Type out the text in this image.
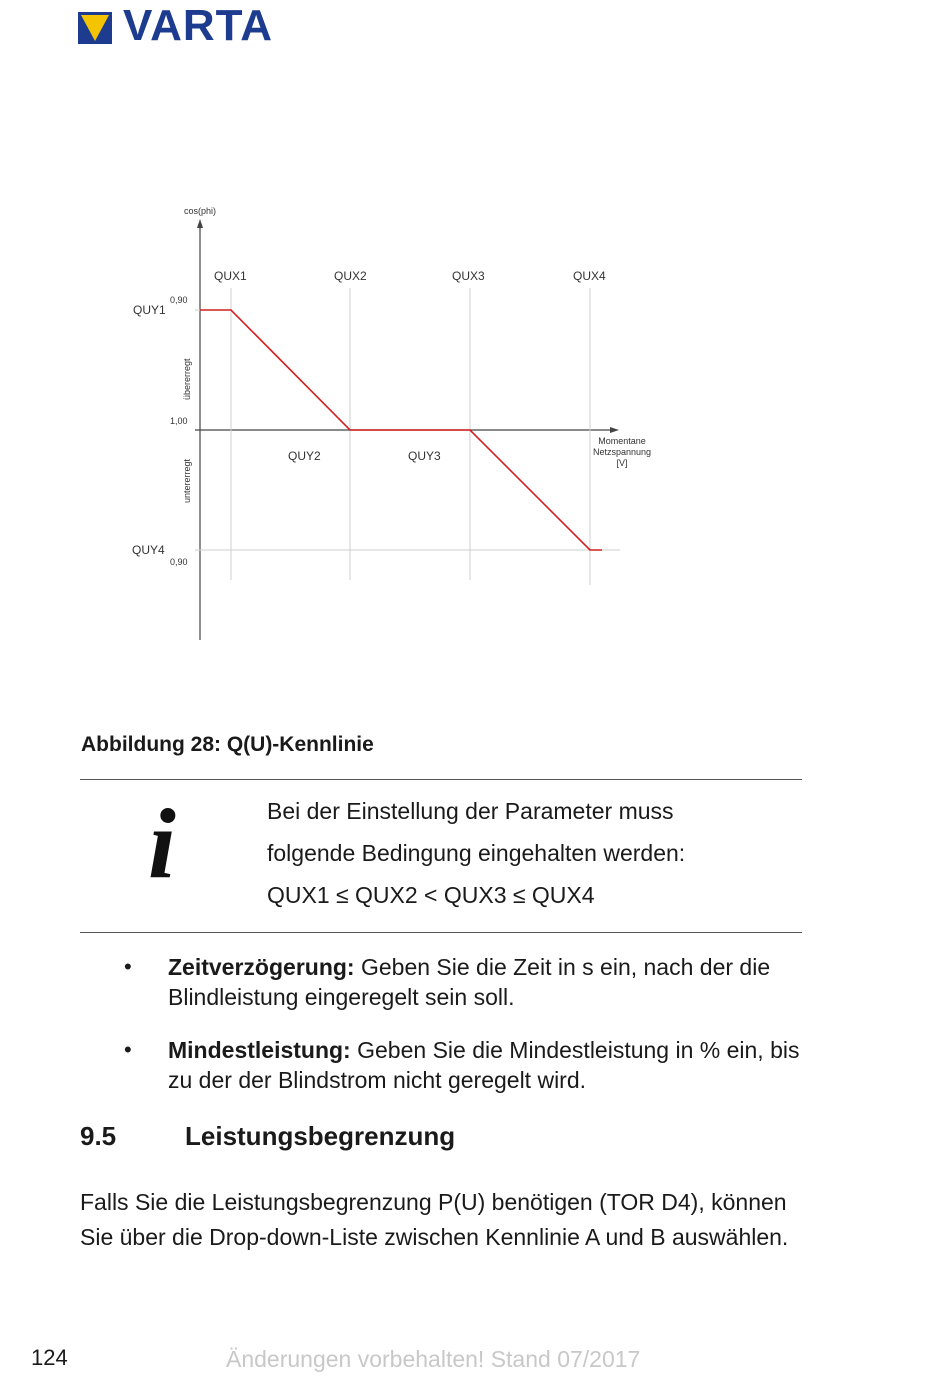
VARTA
cos(phi)
QUX1	QUX2	QUX3	QUX4
QUY1
0,90
1,00
0,90
QUY4
QUY2	QUY3
übererregt
untererregt
Momentane
Netzspannung
[V]
Abbildung 28: Q(U)-Kennlinie
i	Bei der Einstellung der Parameter muss
folgende Bedingung eingehalten werden:
QUX1 ≤ QUX2 < QUX3 ≤ QUX4
• Zeitverzögerung: Geben Sie die Zeit in s ein, nach der die Blindleistung eingeregelt sein soll.
• Mindestleistung: Geben Sie die Mindestleistung in % ein, bis zu der der Blindstrom nicht geregelt wird.
9.5	Leistungsbegrenzung
Falls Sie die Leistungsbegrenzung P(U) benötigen (TOR D4), können Sie über die Drop-down-Liste zwischen Kennlinie A und B auswählen.
124	Änderungen vorbehalten! Stand 07/2017
